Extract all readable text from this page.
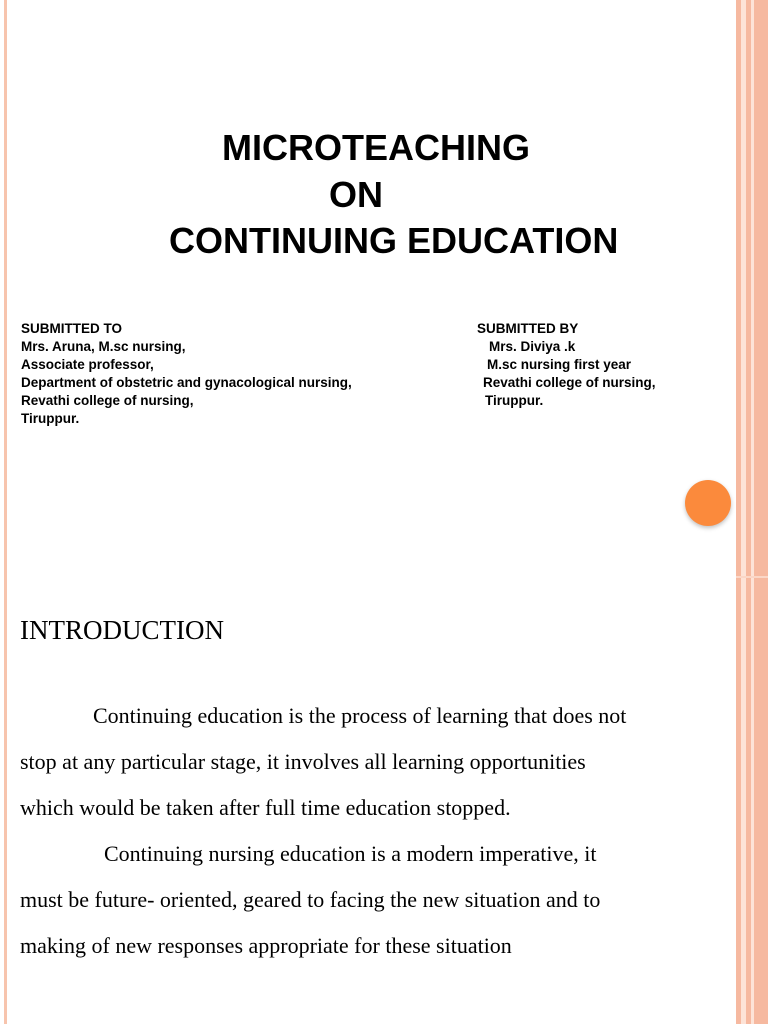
MICROTEACHING
ON
CONTINUING EDUCATION
SUBMITTED TO
Mrs. Aruna, M.sc nursing,
Associate professor,
Department of obstetric and gynacological nursing,
Revathi college of nursing,
Tiruppur.
SUBMITTED BY
Mrs. Diviya .k
M.sc nursing first year
Revathi college of nursing,
Tiruppur.
INTRODUCTION
Continuing education is the process of learning that does not
stop at any particular stage, it involves all learning opportunities
which would be taken after full time education stopped.
Continuing nursing education is a modern imperative, it
must be future- oriented, geared to facing the new situation and to
making of new responses appropriate for these situation
